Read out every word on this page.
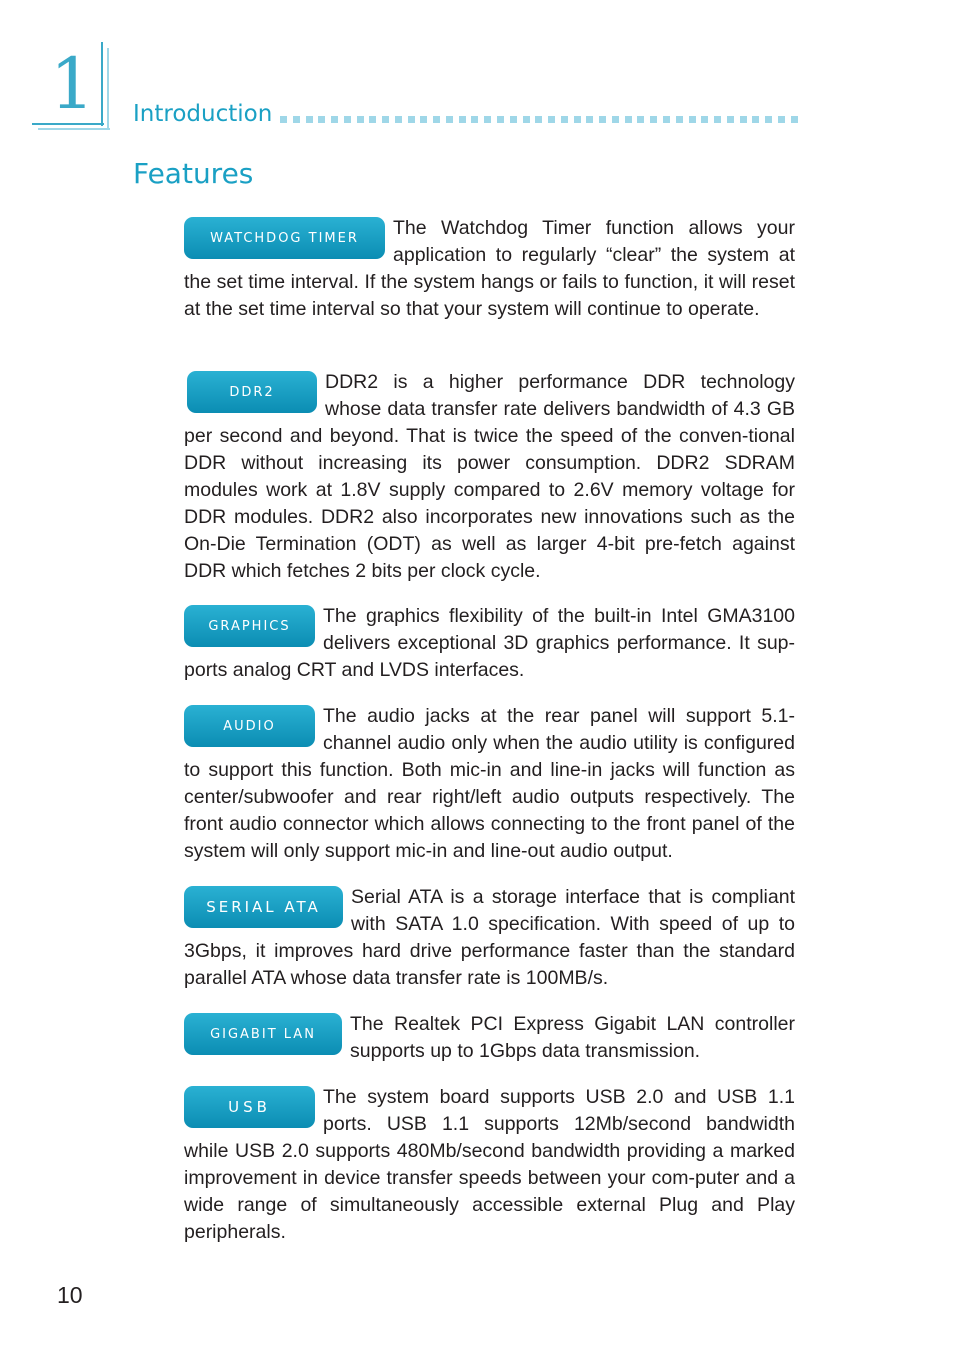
1 Introduction
Features
WATCHDOG TIMER	The Watchdog Timer function allows your application to regularly “clear” the system at the set time interval. If the system hangs or fails to function, it will reset at the set time interval so that your system will continue to operate.

DDR2	DDR2 is a higher performance DDR technology whose data transfer rate delivers bandwidth of 4.3 GB per second and beyond. That is twice the speed of the conven-tional DDR without increasing its power consumption. DDR2 SDRAM modules work at 1.8V supply compared to 2.6V memory voltage for DDR modules. DDR2 also incorporates new innovations such as the On-Die Termination (ODT) as well as larger 4-bit pre-fetch against DDR which fetches 2 bits per clock cycle.

GRAPHICS	The graphics flexibility of the built-in Intel GMA3100 delivers exceptional 3D graphics performance. It sup-ports analog CRT and LVDS interfaces.

AUDIO	The audio jacks at the rear panel will support 5.1-channel audio only when the audio utility is configured to support this function. Both mic-in and line-in jacks will function as center/subwoofer and rear right/left audio outputs respectively. The front audio connector which allows connecting to the front panel of the system will only support mic-in and line-out audio output.

SERIAL ATA	Serial ATA is a storage interface that is compliant with SATA 1.0 specification. With speed of up to 3Gbps, it improves hard drive performance faster than the standard parallel ATA whose data transfer rate is 100MB/s.

GIGABIT LAN	The Realtek PCI Express Gigabit LAN controller supports up to 1Gbps data transmission.

USB	The system board supports USB 2.0 and USB 1.1 ports. USB 1.1 supports 12Mb/second bandwidth while USB 2.0 supports 480Mb/second bandwidth providing a marked improvement in device transfer speeds between your com-puter and a wide range of simultaneously accessible external Plug and Play peripherals.

10
